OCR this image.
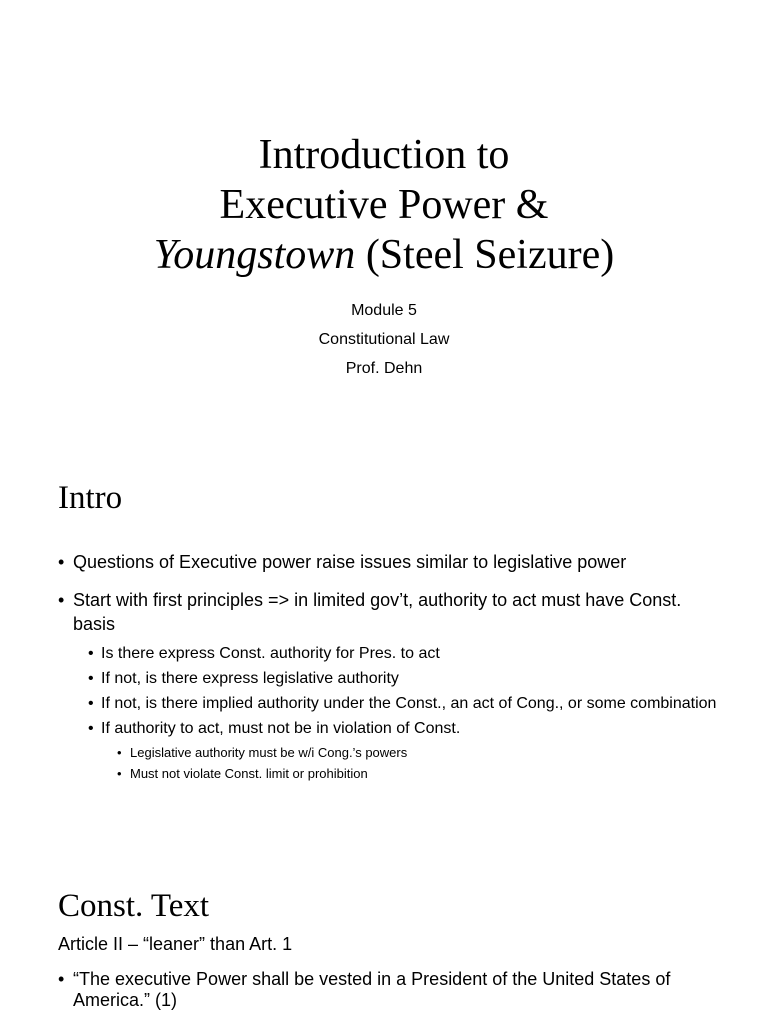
Introduction to
Executive Power &
Youngstown (Steel Seizure)
Module 5
Constitutional Law
Prof. Dehn
Intro
• Questions of Executive power raise issues similar to legislative power
• Start with first principles => in limited gov’t, authority to act must have Const. basis
• Is there express Const. authority for Pres. to act
• If not, is there express legislative authority
• If not, is there implied authority under the Const., an act of Cong., or some combination
• If authority to act, must not be in violation of Const.
• Legislative authority must be w/i Cong.’s powers
• Must not violate Const. limit or prohibition
Const. Text
Article II – “leaner” than Art. 1
• “The executive Power shall be vested in a President of the United States of America.” (1)
